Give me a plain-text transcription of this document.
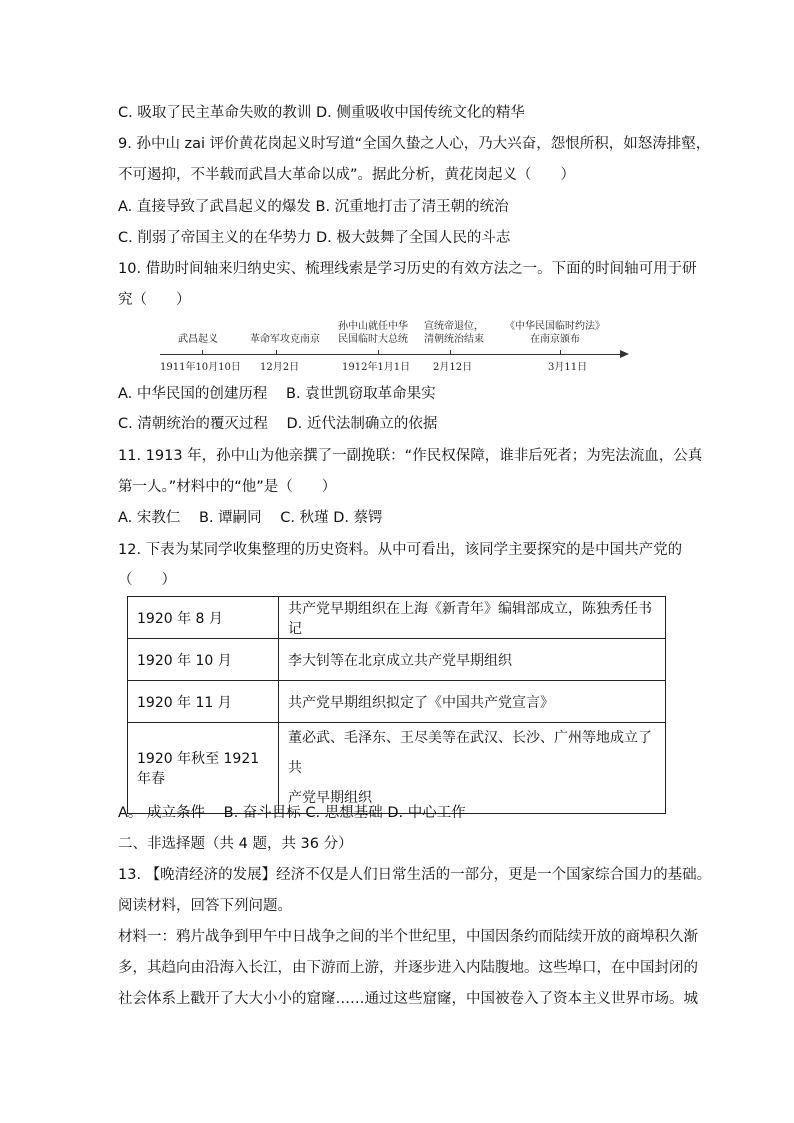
C. 吸取了民主革命失败的教训 D. 侧重吸收中国传统文化的精华
9. 孙中山 zai 评价黄花岗起义时写道“全国久蛰之人心，乃大兴奋，怨恨所积，如怒涛排壑，
不可遏抑，不半载而武昌大革命以成”。据此分析，黄花岗起义（　　）
A. 直接导致了武昌起义的爆发 B. 沉重地打击了清王朝的统治
C. 削弱了帝国主义的在华势力 D. 极大鼓舞了全国人民的斗志
10. 借助时间轴来归纳史实、梳理线索是学习历史的有效方法之一。下面的时间轴可用于研
究（　　）
武昌起义	革命军攻克南京
孙中山就任中华
民国临时大总统
宣统帝退位，
清朝统治结束
《中华民国临时约法》
在南京颁布
1911年10月10日 12月2日	1912年1月1日 2月12日	3月11日
A. 中华民国的创建历程 B. 袁世凯窃取革命果实
C. 清朝统治的覆灭过程 D. 近代法制确立的依据
11. 1913 年，孙中山为他亲撰了一副挽联：“作民权保障，谁非后死者；为宪法流血，公真
第一人。”材料中的“他”是（　　）
A. 宋教仁 B. 谭嗣同 C. 秋瑾 D. 蔡锷
12. 下表为某同学收集整理的历史资料。从中可看出，该同学主要探究的是中国共产党的
（　　）
1920 年 8 月	共产党早期组织在上海《新青年》编辑部成立，陈独秀任书记
1920 年 10 月	李大钊等在北京成立共产党早期组织
1920 年 11 月	共产党早期组织拟定了《中国共产党宣言》
1920 年秋至 1921 年春	董必武、毛泽东、王尽美等在武汉、长沙、广州等地成立了共
产党早期组织
A。 成立条件 B. 奋斗目标 C. 思想基础 D. 中心工作
二、非选择题（共 4 题，共 36 分）
13. 【晚清经济的发展】经济不仅是人们日常生活的一部分，更是一个国家综合国力的基础。
阅读材料，回答下列问题。
材料一：鸦片战争到甲午中日战争之间的半个世纪里，中国因条约而陆续开放的商埠积久渐
多，其趋向由沿海入长江，由下游而上游，并逐步进入内陆腹地。这些埠口，在中国封闭的
社会体系上戳开了大大小小的窟窿……通过这些窟窿，中国被卷入了资本主义世界市场。城
